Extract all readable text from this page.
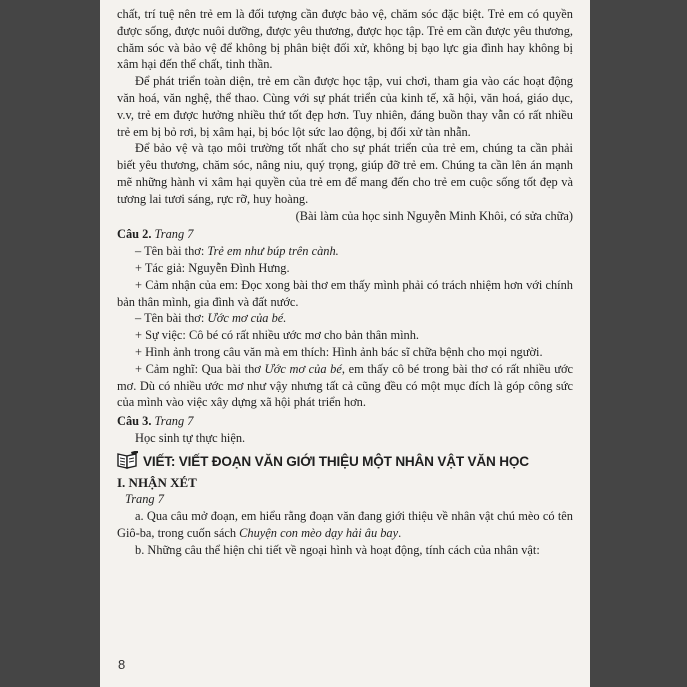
chất, trí tuệ nên trẻ em là đối tượng cần được bảo vệ, chăm sóc đặc biệt. Trẻ em có quyền được sống, được nuôi dưỡng, được yêu thương, được học tập. Trẻ em cần được yêu thương, chăm sóc và bảo vệ để không bị phân biệt đối xử, không bị bạo lực gia đình hay không bị xâm hại đến thể chất, tinh thần.

Để phát triển toàn diện, trẻ em cần được học tập, vui chơi, tham gia vào các hoạt động văn hoá, văn nghệ, thể thao. Cùng với sự phát triển của kinh tế, xã hội, văn hoá, giáo dục, v.v, trẻ em được hưởng nhiều thứ tốt đẹp hơn. Tuy nhiên, đáng buồn thay vẫn có rất nhiều trẻ em bị bỏ rơi, bị xâm hại, bị bóc lột sức lao động, bị đối xử tàn nhẫn.

Để bảo vệ và tạo môi trường tốt nhất cho sự phát triển của trẻ em, chúng ta cần phải biết yêu thương, chăm sóc, nâng niu, quý trọng, giúp đỡ trẻ em. Chúng ta cần lên án mạnh mẽ những hành vi xâm hại quyền của trẻ em để mang đến cho trẻ em cuộc sống tốt đẹp và tương lai tươi sáng, rực rỡ, huy hoàng.

(Bài làm của học sinh Nguyễn Minh Khôi, có sửa chữa)

Câu 2. Trang 7

– Tên bài thơ: Trẻ em như búp trên cành.

+ Tác giả: Nguyễn Đình Hưng.

+ Cảm nhận của em: Đọc xong bài thơ em thấy mình phải có trách nhiệm hơn với chính bản thân mình, gia đình và đất nước.

– Tên bài thơ: Ước mơ của bé.

+ Sự việc: Cô bé có rất nhiều ước mơ cho bản thân mình.

+ Hình ảnh trong câu văn mà em thích: Hình ảnh bác sĩ chữa bệnh cho mọi người.

+ Cảm nghĩ: Qua bài thơ Ước mơ của bé, em thấy cô bé trong bài thơ có rất nhiều ước mơ. Dù có nhiều ước mơ như vậy nhưng tất cả cũng đều có một mục đích là góp công sức của mình vào việc xây dựng xã hội phát triển hơn.

Câu 3. Trang 7

Học sinh tự thực hiện.

VIẾT: VIẾT ĐOẠN VĂN GIỚI THIỆU MỘT NHÂN VẬT VĂN HỌC

I. NHẬN XÉT

Trang 7

a. Qua câu mở đoạn, em hiểu rằng đoạn văn đang giới thiệu về nhân vật chú mèo có tên Giô-ba, trong cuốn sách Chuyện con mèo dạy hải âu bay.

b. Những câu thể hiện chi tiết về ngoại hình và hoạt động, tính cách của nhân vật:

8
